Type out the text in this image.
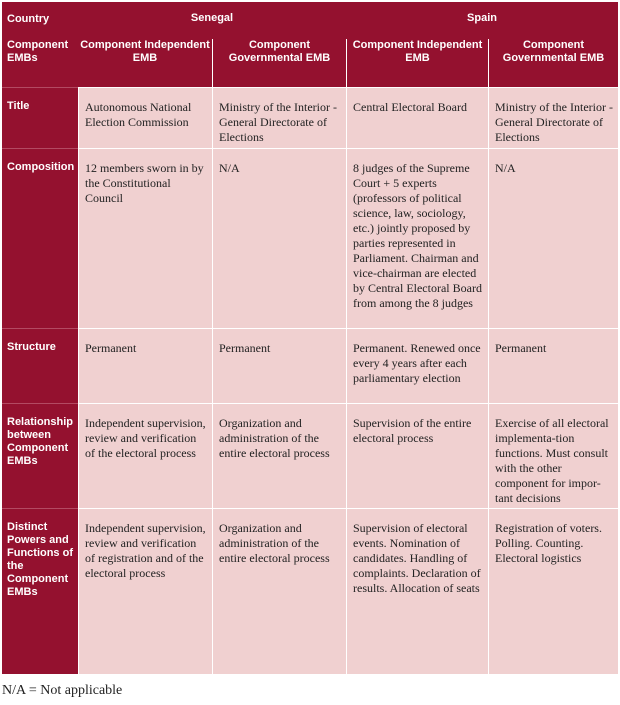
Country	Senegal		Spain	
Component EMBs	Component Independent EMB	Component Governmental EMB	Component Independent EMB	Component Governmental EMB
Title	Autonomous National Election Commission	Ministry of the Interior -General Directorate of Elections	Central Electoral Board	Ministry of the Interior - General Directorate of Elections
Composition	12 members sworn in by the Constitutional Council	N/A	8 judges of the Supreme Court + 5 experts (professors of political science, law, sociology, etc.) jointly proposed by parties represented in Parliament. Chairman and vice-chairman are elected by Central Electoral Board from among the 8 judges	N/A
Structure	Permanent	Permanent	Permanent. Renewed once every 4 years after each parliamentary election	Permanent
Relationship between Component EMBs	Independent supervision, review and verification of the electoral process	Organization and administration of the entire electoral process	Supervision of the entire electoral process	Exercise of all electoral implementa-tion functions. Must consult with the other component for impor-tant decisions
Distinct Powers and Functions of the Component EMBs	Independent supervision, review and verification of registration and of the electoral process	Organization and administration of the entire electoral process	Supervision of electoral events. Nomination of candidates. Handling of complaints. Declaration of results. Allocation of seats	Registration of voters. Polling. Counting. Electoral logistics
N/A = Not applicable
